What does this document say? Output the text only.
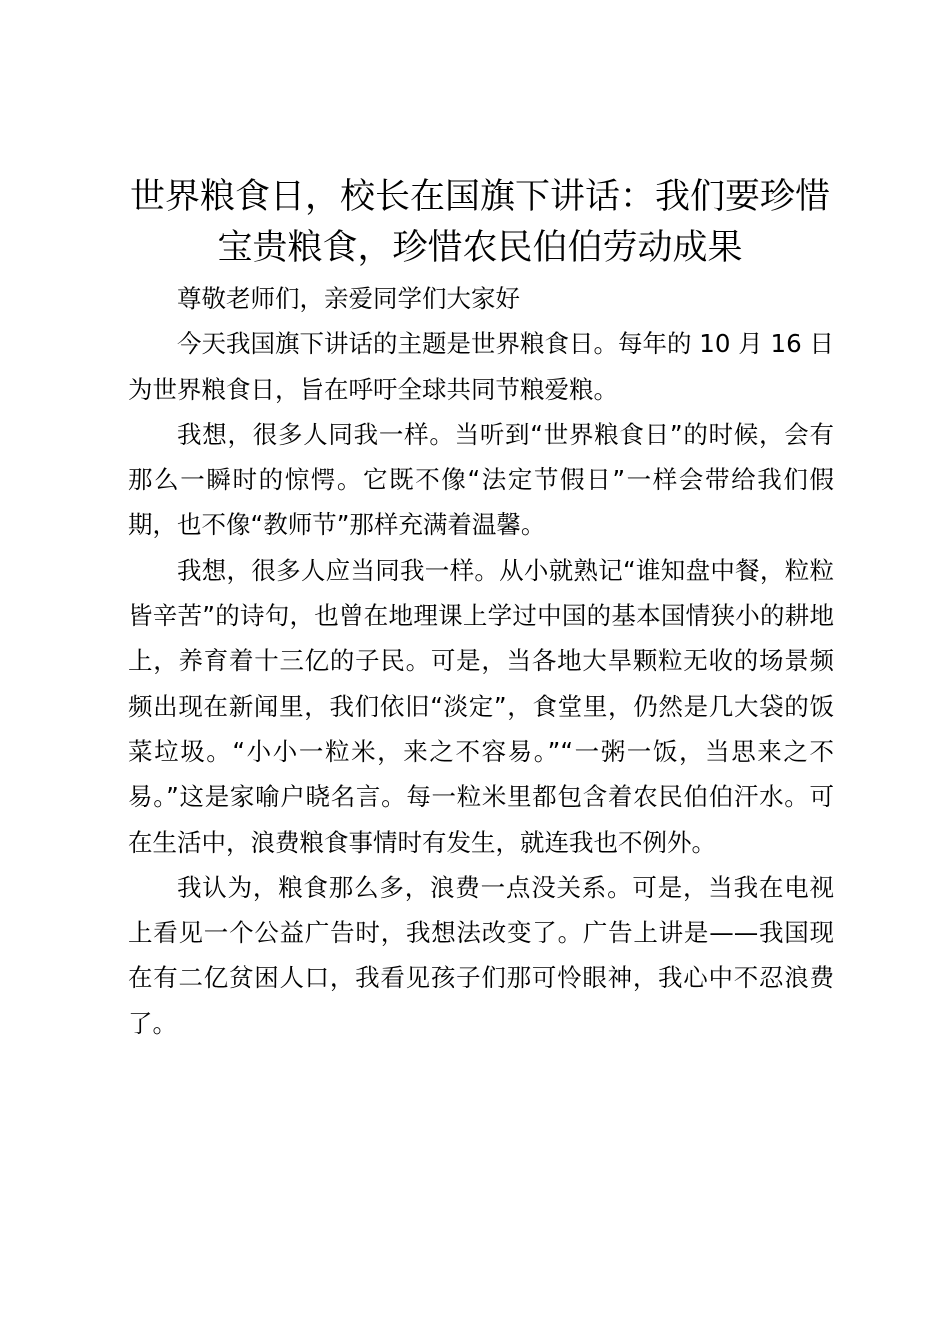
世界粮食日，校长在国旗下讲话：我们要珍惜
宝贵粮食，珍惜农民伯伯劳动成果

尊敬老师们，亲爱同学们大家好

今天我国旗下讲话的主题是世界粮食日。每年的 10 月 16 日为世界粮食日，旨在呼吁全球共同节粮爱粮。

我想，很多人同我一样。当听到“世界粮食日”的时候，会有那么一瞬时的惊愕。它既不像“法定节假日”一样会带给我们假期，也不像“教师节”那样充满着温馨。

我想，很多人应当同我一样。从小就熟记“谁知盘中餐，粒粒皆辛苦”的诗句，也曾在地理课上学过中国的基本国情狭小的耕地上，养育着十三亿的子民。可是，当各地大旱颗粒无收的场景频频出现在新闻里，我们依旧“淡定”，食堂里，仍然是几大袋的饭菜垃圾。“小小一粒米，来之不容易。”“一粥一饭，当思来之不易。”这是家喻户晓名言。每一粒米里都包含着农民伯伯汗水。可在生活中，浪费粮食事情时有发生，就连我也不例外。

我认为，粮食那么多，浪费一点没关系。可是，当我在电视上看见一个公益广告时，我想法改变了。广告上讲是——我国现在有二亿贫困人口，我看见孩子们那可怜眼神，我心中不忍浪费了。
